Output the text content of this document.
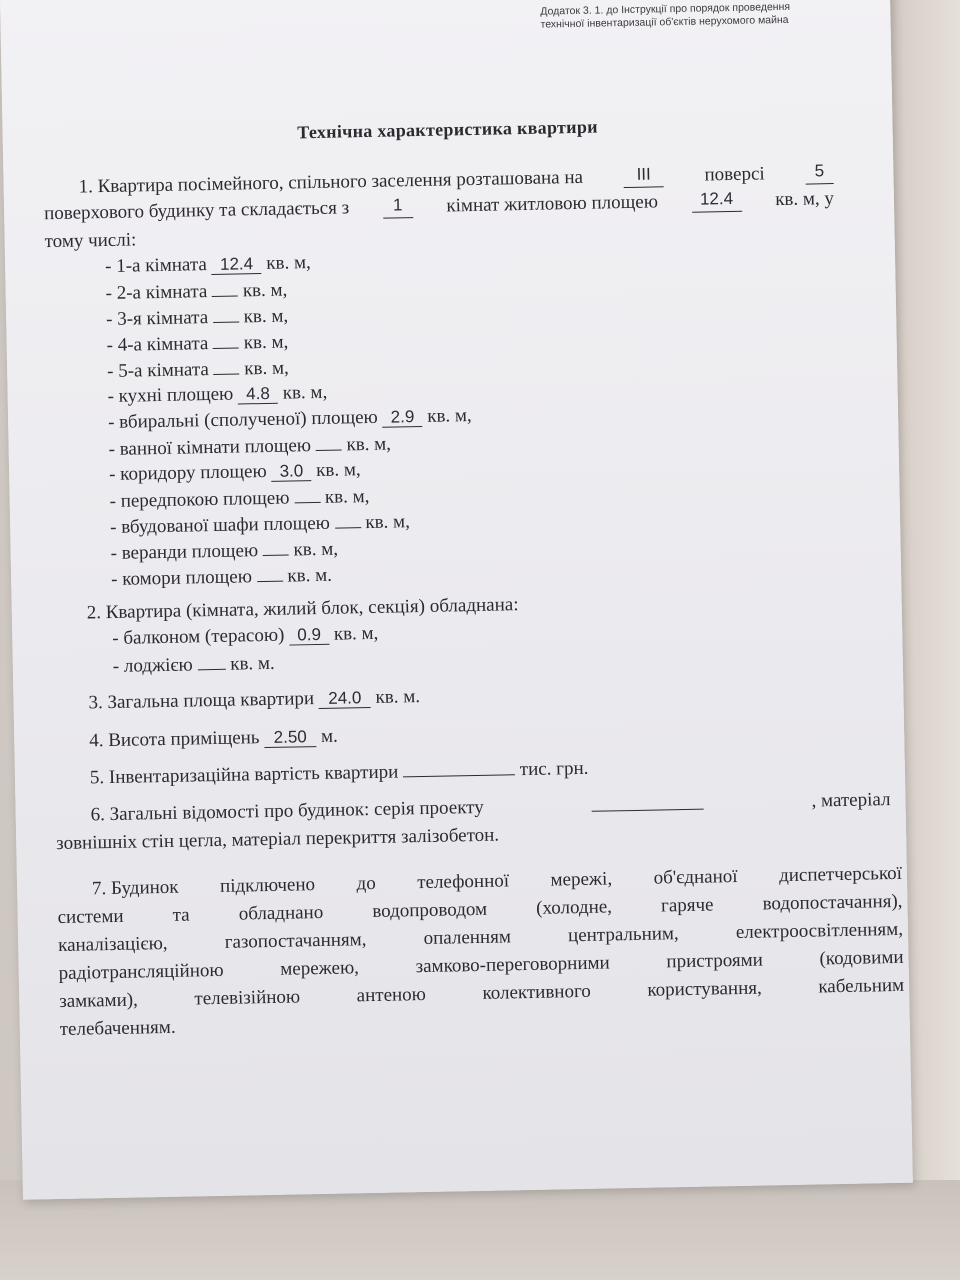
Додаток 3. 1. до Інструкції про порядок проведення технічної інвентаризації об'єктів нерухомого майна
Технічна характеристика квартири
1. Квартира посімейного, спільного заселення розташована на	III	поверсі	5
поверхового будинку та складається з	1	кімнат житловою площею	12.4	кв. м, у
тому числі:
- 1-а кімната 12.4 кв. м,
- 2-а кімната кв. м,
- 3-я кімната кв. м,
- 4-а кімната кв. м,
- 5-а кімната кв. м,
- кухні площею 4.8 кв. м,
- вбиральні (сполученої) площею 2.9 кв. м,
- ванної кімнати площею кв. м,
- коридору площею 3.0 кв. м,
- передпокою площею кв. м,
- вбудованої шафи площею кв. м,
- веранди площею кв. м,
- комори площею кв. м.
2. Квартира (кімната, жилий блок, секція) обладнана:
- балконом (терасою) 0.9 кв. м,
- лоджією кв. м.
3. Загальна площа квартири 24.0 кв. м.
4. Висота приміщень 2.50 м.
5. Інвентаризаційна вартість квартири	тис. грн.
6. Загальні відомості про будинок: серія проекту	, матеріал
зовнішніх стін цегла, матеріал перекриття залізобетон.
7. Будинок підключено до телефонної мережі, об'єднаної диспетчерської
системи	та	обладнано	водопроводом	(холодне,	гаряче	водопостачання),
каналізацією,	газопостачанням,	опаленням	центральним,	електроосвітленням,
радіотрансляційною	мережею,	замково-переговорними	пристроями	(кодовими
замками),	телевізійною	антеною	колективного	користування,	кабельним
телебаченням.
